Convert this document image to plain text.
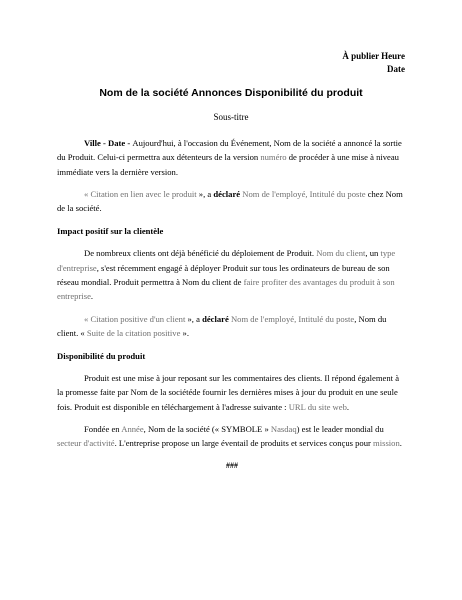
À publier Heure
Date
Nom de la société Annonces Disponibilité du produit
Sous-titre

Ville - Date - Aujourd'hui, à l'occasion du Événement, Nom de la société a annoncé la sortie du Produit. Celui-ci permettra aux détenteurs de la version numéro de procéder à une mise à niveau immédiate vers la dernière version.

« Citation en lien avec le produit », a déclaré Nom de l'employé, Intitulé du poste chez Nom de la société.

Impact positif sur la clientèle

De nombreux clients ont déjà bénéficié du déploiement de Produit. Nom du client, un type d'entreprise, s'est récemment engagé à déployer Produit sur tous les ordinateurs de bureau de son réseau mondial. Produit permettra à Nom du client de faire profiter des avantages du produit à son entreprise.

« Citation positive d'un client », a déclaré Nom de l'employé, Intitulé du poste, Nom du client. « Suite de la citation positive ».

Disponibilité du produit

Produit est une mise à jour reposant sur les commentaires des clients. Il répond également à la promesse faite par Nom de la sociétéde fournir les dernières mises à jour du produit en une seule fois. Produit est disponible en téléchargement à l'adresse suivante : URL du site web.

Fondée en Année, Nom de la société (« SYMBOLE » Nasdaq) est le leader mondial du secteur d'activité. L'entreprise propose un large éventail de produits et services conçus pour mission.

###
